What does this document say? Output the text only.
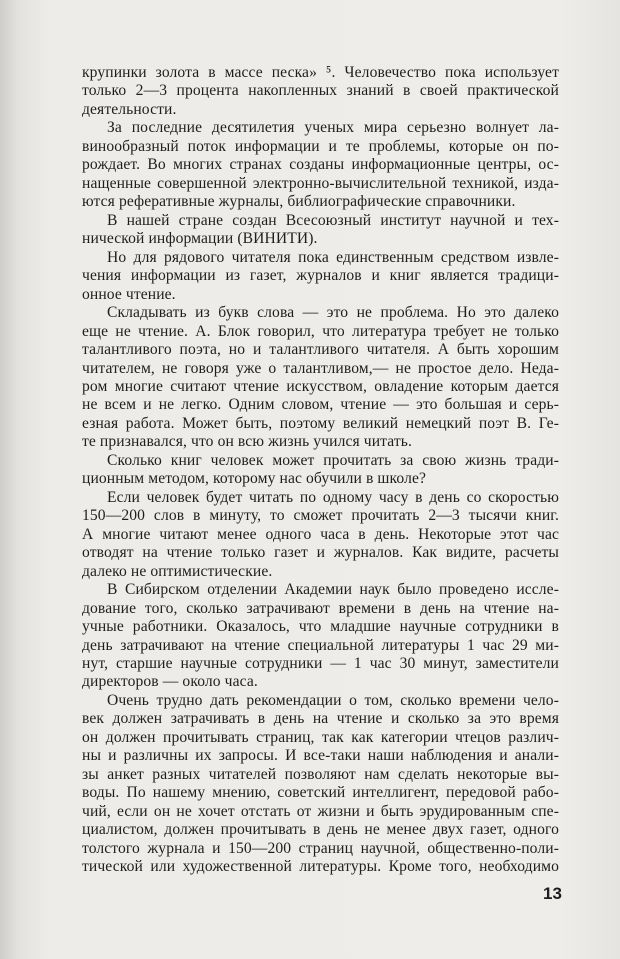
крупинки золота в массе песка» ⁵. Человечество пока использует
только 2—3 процента накопленных знаний в своей практической
деятельности.
За последние десятилетия ученых мира серьезно волнует ла-
винообразный поток информации и те проблемы, которые он по-
рождает. Во многих странах созданы информационные центры, ос-
нащенные совершенной электронно-вычислительной техникой, изда-
ются реферативные журналы, библиографические справочники.
В нашей стране создан Всесоюзный институт научной и тех-
нической информации (ВИНИТИ).
Но для рядового читателя пока единственным средством извле-
чения информации из газет, журналов и книг является традици-
онное чтение.
Складывать из букв слова — это не проблема. Но это далеко
еще не чтение. А. Блок говорил, что литература требует не только
талантливого поэта, но и талантливого читателя. А быть хорошим
читателем, не говоря уже о талантливом,— не простое дело. Неда-
ром многие считают чтение искусством, овладение которым дается
не всем и не легко. Одним словом, чтение — это большая и серь-
езная работа. Может быть, поэтому великий немецкий поэт В. Ге-
те признавался, что он всю жизнь учился читать.
Сколько книг человек может прочитать за свою жизнь тради-
ционным методом, которому нас обучили в школе?
Если человек будет читать по одному часу в день со скоростью
150—200 слов в минуту, то сможет прочитать 2—3 тысячи книг.
А многие читают менее одного часа в день. Некоторые этот час
отводят на чтение только газет и журналов. Как видите, расчеты
далеко не оптимистические.
В Сибирском отделении Академии наук было проведено иссле-
дование того, сколько затрачивают времени в день на чтение на-
учные работники. Оказалось, что младшие научные сотрудники в
день затрачивают на чтение специальной литературы 1 час 29 ми-
нут, старшие научные сотрудники — 1 час 30 минут, заместители
директоров — около часа.
Очень трудно дать рекомендации о том, сколько времени чело-
век должен затрачивать в день на чтение и сколько за это время
он должен прочитывать страниц, так как категории чтецов различ-
ны и различны их запросы. И все-таки наши наблюдения и анали-
зы анкет разных читателей позволяют нам сделать некоторые вы-
воды. По нашему мнению, советский интеллигент, передовой рабо-
чий, если он не хочет отстать от жизни и быть эрудированным спе-
циалистом, должен прочитывать в день не менее двух газет, одного
толстого журнала и 150—200 страниц научной, общественно-поли-
тической или художественной литературы. Кроме того, необходимо
13
